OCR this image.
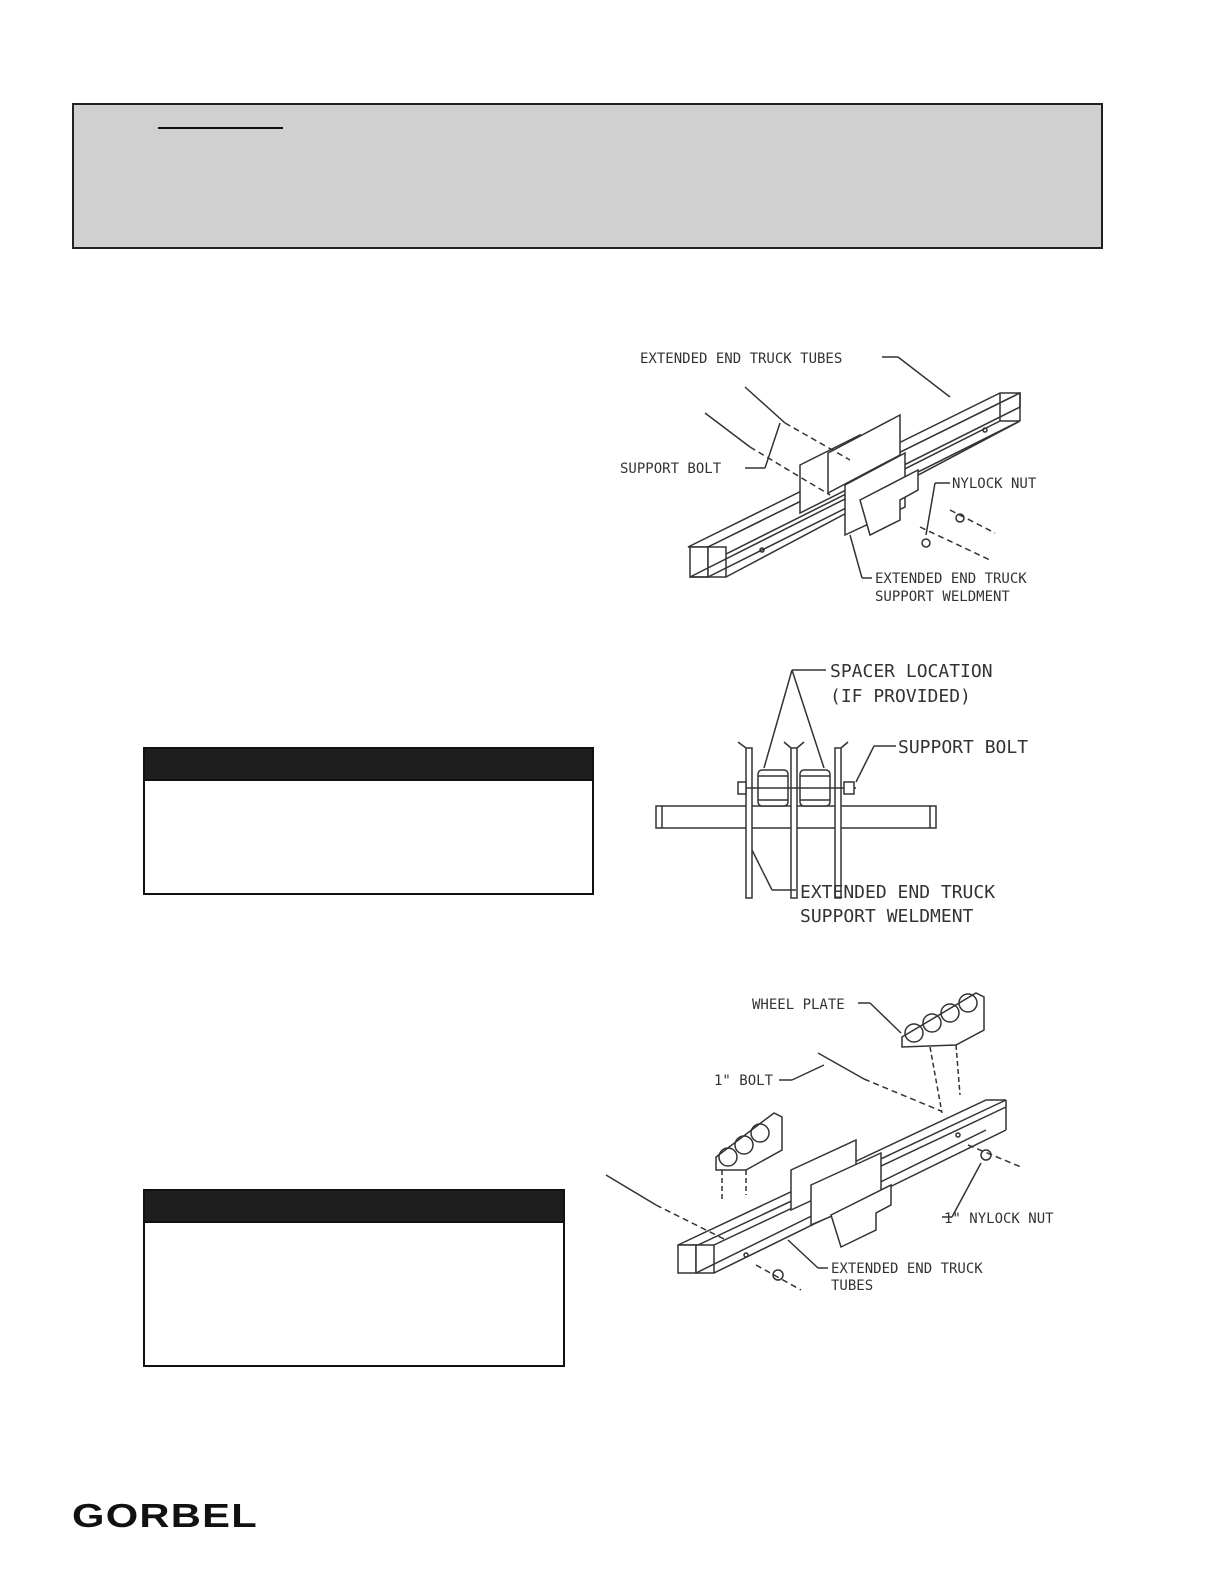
EXTENDED END TRUCK TUBES
SUPPORT BOLT
NYLOCK NUT
EXTENDED END TRUCK
SUPPORT WELDMENT
SPACER LOCATION
(IF PROVIDED)
SUPPORT BOLT
EXTENDED END TRUCK
SUPPORT WELDMENT
WHEEL PLATE
1" BOLT
1" NYLOCK NUT
EXTENDED END TRUCK
TUBES
GORBEL
